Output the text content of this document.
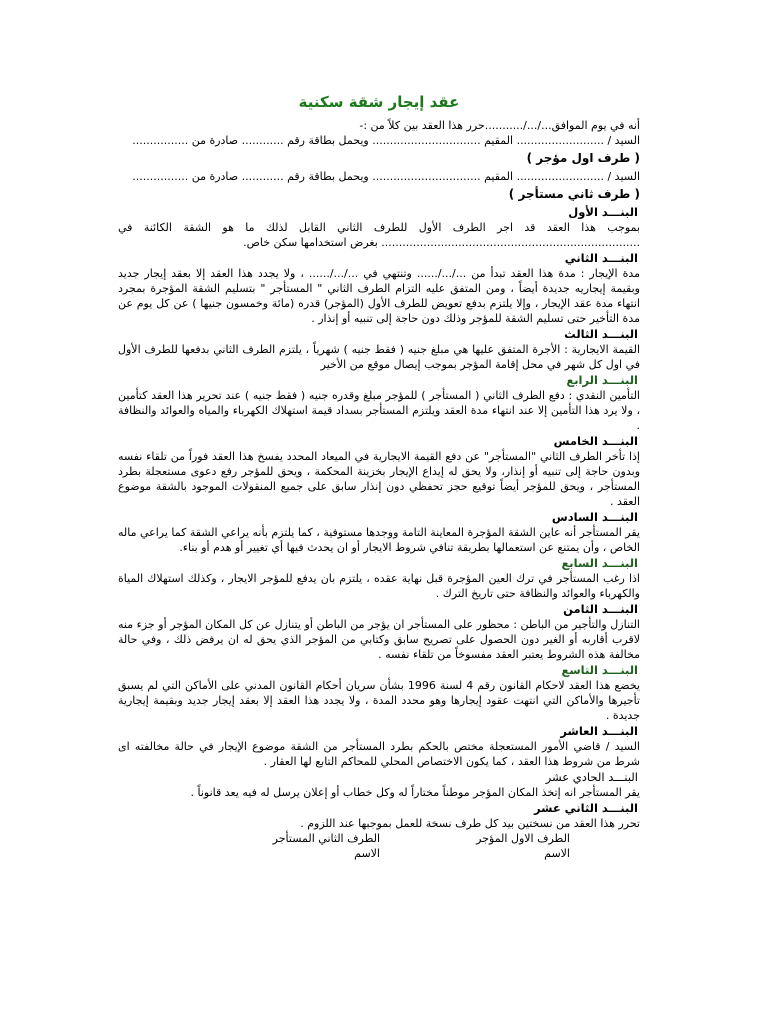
عقد إيجار شقة سكنية

أنه في يوم الموافق.../.../...........حرر هذا العقد بين كلاً من :-

السيد / ......................... المقيم ............................... ويحمل بطاقة رقم ............ صادرة من ................

( طرف اول مؤجر )

السيد / ......................... المقيم ............................... ويحمل بطاقة رقم ............ صادرة من ................

( طرف ثاني مستأجر )

البنـــد الأول

بموجب هذا العقد قد اجر الطرف الأول للطرف الثاني القابل لذلك ما هو الشقة الكائنة في .......................................................................... بغرض استخدامها سكن خاص.

البنـــد الثاني

مدة الإيجار : مدة هذا العقد تبدأ من .../.../...... وتنتهي في .../.../...... ، ولا يجدد هذا العقد إلا بعقد إيجار جديد وبقيمة إيجاريه جديدة أيضاً ، ومن المتفق عليه التزام الطرف الثاني " المستأجر " بتسليم الشقة المؤجرة بمجرد انتهاء مدة عقد الإيجار ، وإلا يلتزم بدفع تعويض للطرف الأول (المؤجر) قدره (مائة وخمسون جنيها ) عن كل يوم عن مدة التأخير حتى تسليم الشقة للمؤجر وذلك دون حاجة إلى تنبيه أو إنذار .

البنـــد الثالث

القيمة الايجارية : الأجرة المتفق عليها هي مبلغ جنيه ( فقط جنيه ) شهرياً ، يلتزم الطرف الثاني بدفعها للطرف الأول في اول كل شهر في محل إقامة المؤجر بموجب إيصال موقع من الأخير

البنـــد الرابع

التأمين النقدي : دفع الطرف الثاني ( المستأجر ) للمؤجر مبلغ وقدره جنيه ( فقط جنيه ) عند تحرير هذا العقد كتأمين ، ولا يرد هذا التأمين إلا عند انتهاء مدة العقد ويلتزم المستأجر بسداد قيمة استهلاك الكهرباء والمياه والعوائد والنظافة .

البنـــد الخامس

إذا تأخر الطرف الثاني "المستأجر" عن دفع القيمة الايجارية في الميعاد المحدد يفسخ هذا العقد فوراً من تلقاء نفسه وبدون حاجة إلى تنبيه أو إنذار، ولا يحق له إيداع الإيجار بخزينة المحكمة ، ويحق للمؤجر رفع دعوى مستعجلة بطرد المستأجر ، ويحق للمؤجر أيضاً توقيع حجز تحفظي دون إنذار سابق على جميع المنقولات الموجود بالشقة موضوع العقد .

البنـــد السادس

يقر المستأجر أنه عاين الشقة المؤجرة المعاينة التامة ووجدها مستوفية ، كما يلتزم بأنه يراعي الشقة كما يراعي ماله الخاص ، وأن يمتنع عن استعمالها بطريقة تنافي شروط الايجار أو ان يحدث فيها أي تغيير أو هدم أو بناء.

البنـــد السابع

اذا رغب المستأجر في ترك العين المؤجرة قبل نهاية عقده ، يلتزم بان يدفع للمؤجر الايجار ، وكذلك استهلاك المياة والكهرباء والعوائد والنظافة حتى تاريخ الترك .

البنـــد الثامن

التنازل والتأجير من الباطن : محظور على المستأجر ان يؤجر من الباطن أو يتنازل عن كل المكان المؤجر أو جزء منه لاقرب أقاربه أو الغير دون الحصول على تصريح سابق وكتابي من المؤجر الذي يحق له ان يرفض ذلك ، وفي حالة مخالفة هذه الشروط يعتبر العقد مفسوخاً من تلقاء نفسه .

البنـــد التاسع

يخضع هذا العقد لاحكام القانون رقم 4 لسنة 1996 بشأن سريان أحكام القانون المدني على الأماكن التي لم يسبق تأجيرها والأماكن التي انتهت عقود إيجارها وهو محدد المدة ، ولا يجدد هذا العقد إلا بعقد إيجار جديد وبقيمة إيجارية جديدة .

البنـــد العاشر

السيد / قاضي الأمور المستعجلة مختص بالحكم بطرد المستأجر من الشقة موضوع الإيجار في حالة مخالفته اى شرط من شروط هذا العقد ، كما يكون الاختصاص المحلي للمحاكم التابع لها العقار .

البنـــد الحادي عشر

يقر المستأجر انه إتخذ المكان المؤجر موطناً مختاراً له وكل خطاب أو إعلان يرسل له فيه يعد قانوناً .

البنـــد الثاني عشر

تحرر هذا العقد من نسختين بيد كل طرف نسخة للعمل بموجبها عند اللزوم .

الطرف الاول المؤجر
الطرف الثاني المستأجر
الاسم
الاسم
